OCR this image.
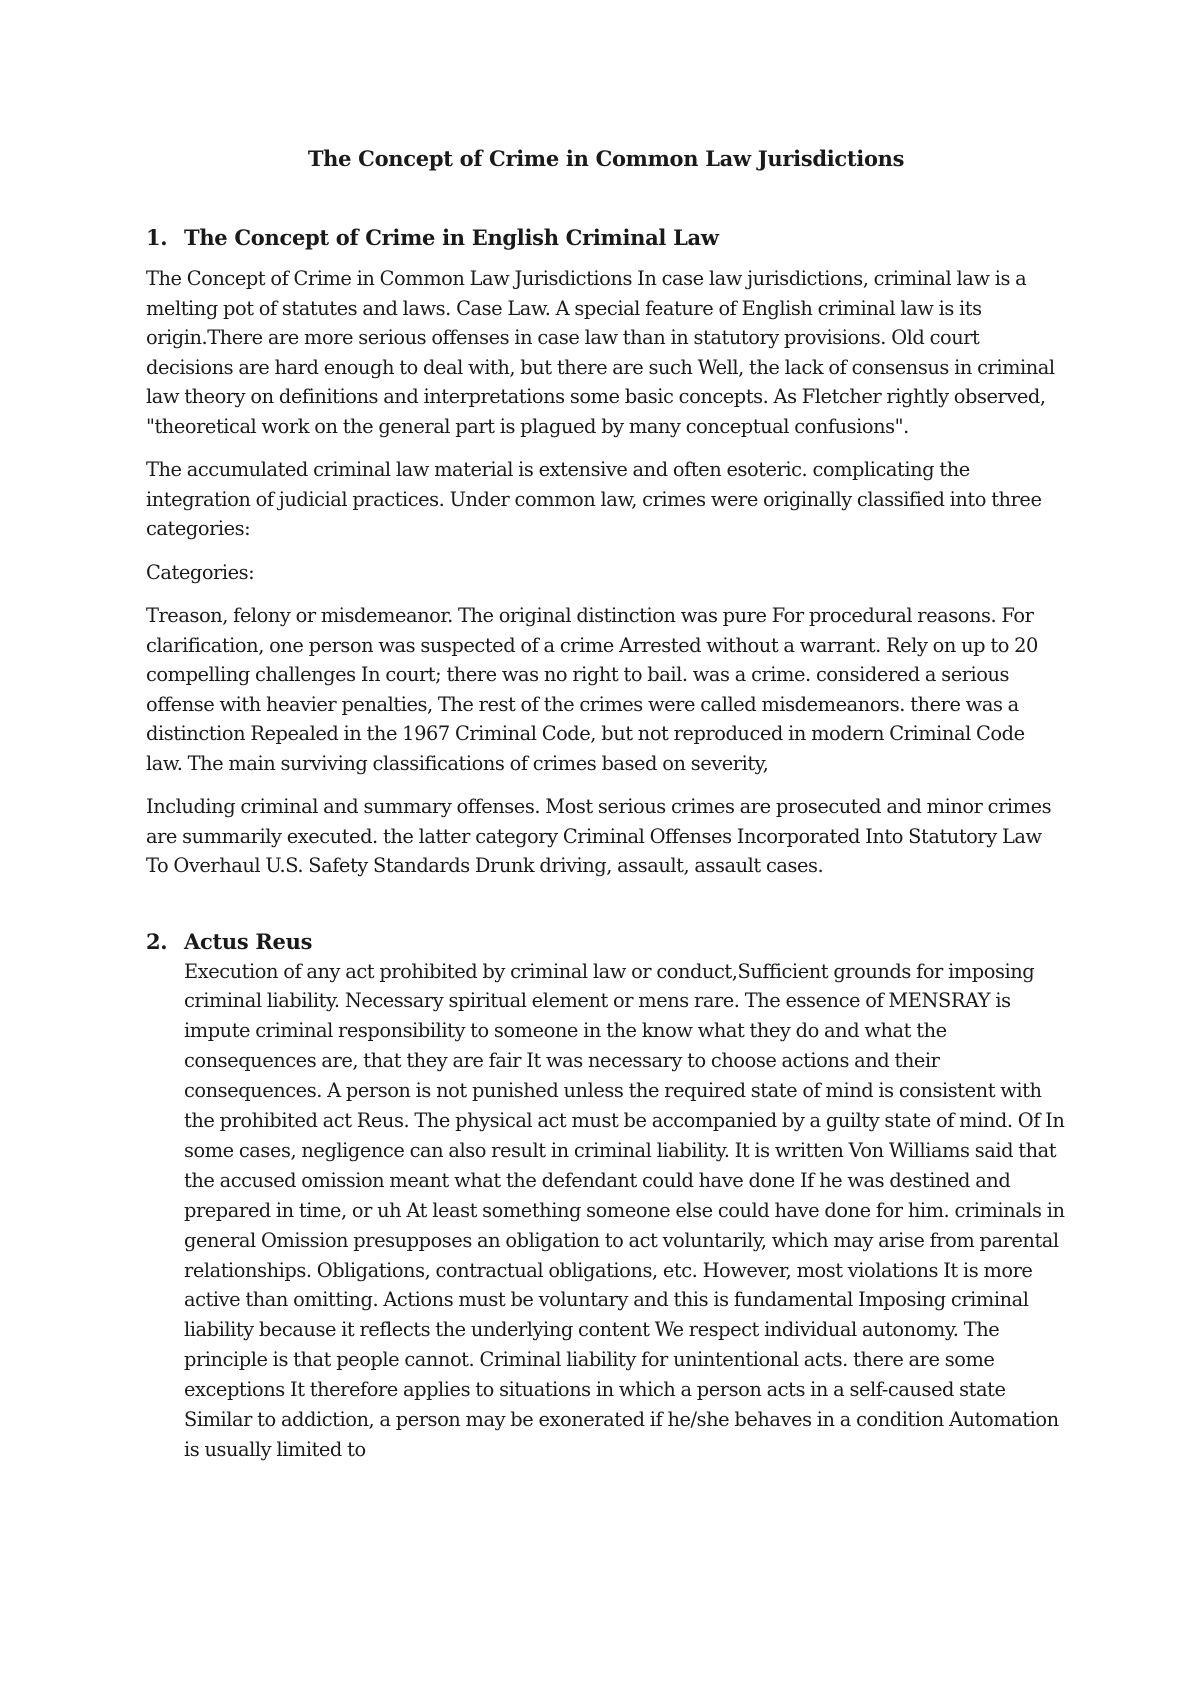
The Concept of Crime in Common Law Jurisdictions
1. The Concept of Crime in English Criminal Law

The Concept of Crime in Common Law Jurisdictions In case law jurisdictions, criminal law is a melting pot of statutes and laws. Case Law. A special feature of English criminal law is its origin.There are more serious offenses in case law than in statutory provisions. Old court decisions are hard enough to deal with, but there are such Well, the lack of consensus in criminal law theory on definitions and interpretations some basic concepts. As Fletcher rightly observed, "theoretical work on the general part is plagued by many conceptual confusions".

The accumulated criminal law material is extensive and often esoteric. complicating the integration of judicial practices. Under common law, crimes were originally classified into three categories:

Categories:

Treason, felony or misdemeanor. The original distinction was pure For procedural reasons. For clarification, one person was suspected of a crime Arrested without a warrant. Rely on up to 20 compelling challenges In court; there was no right to bail. was a crime. considered a serious offense with heavier penalties, The rest of the crimes were called misdemeanors. there was a distinction Repealed in the 1967 Criminal Code, but not reproduced in modern Criminal Code law. The main surviving classifications of crimes based on severity,

Including criminal and summary offenses. Most serious crimes are prosecuted and minor crimes are summarily executed. the latter category Criminal Offenses Incorporated Into Statutory Law To Overhaul U.S. Safety Standards Drunk driving, assault, assault cases.

2. Actus Reus

Execution of any act prohibited by criminal law or conduct,Sufficient grounds for imposing criminal liability. Necessary spiritual element or mens rare. The essence of MENSRAY is impute criminal responsibility to someone in the know what they do and what the consequences are, that they are fair It was necessary to choose actions and their consequences. A person is not punished unless the required state of mind is consistent with the prohibited act Reus. The physical act must be accompanied by a guilty state of mind. Of In some cases, negligence can also result in criminal liability. It is written Von Williams said that the accused omission meant what the defendant could have done If he was destined and prepared in time, or uh At least something someone else could have done for him. criminals in general Omission presupposes an obligation to act voluntarily, which may arise from parental relationships. Obligations, contractual obligations, etc. However, most violations It is more active than omitting. Actions must be voluntary and this is fundamental Imposing criminal liability because it reflects the underlying content We respect individual autonomy. The principle is that people cannot. Criminal liability for unintentional acts. there are some exceptions It therefore applies to situations in which a person acts in a self-caused state Similar to addiction, a person may be exonerated if he/she behaves in a condition Automation is usually limited to
